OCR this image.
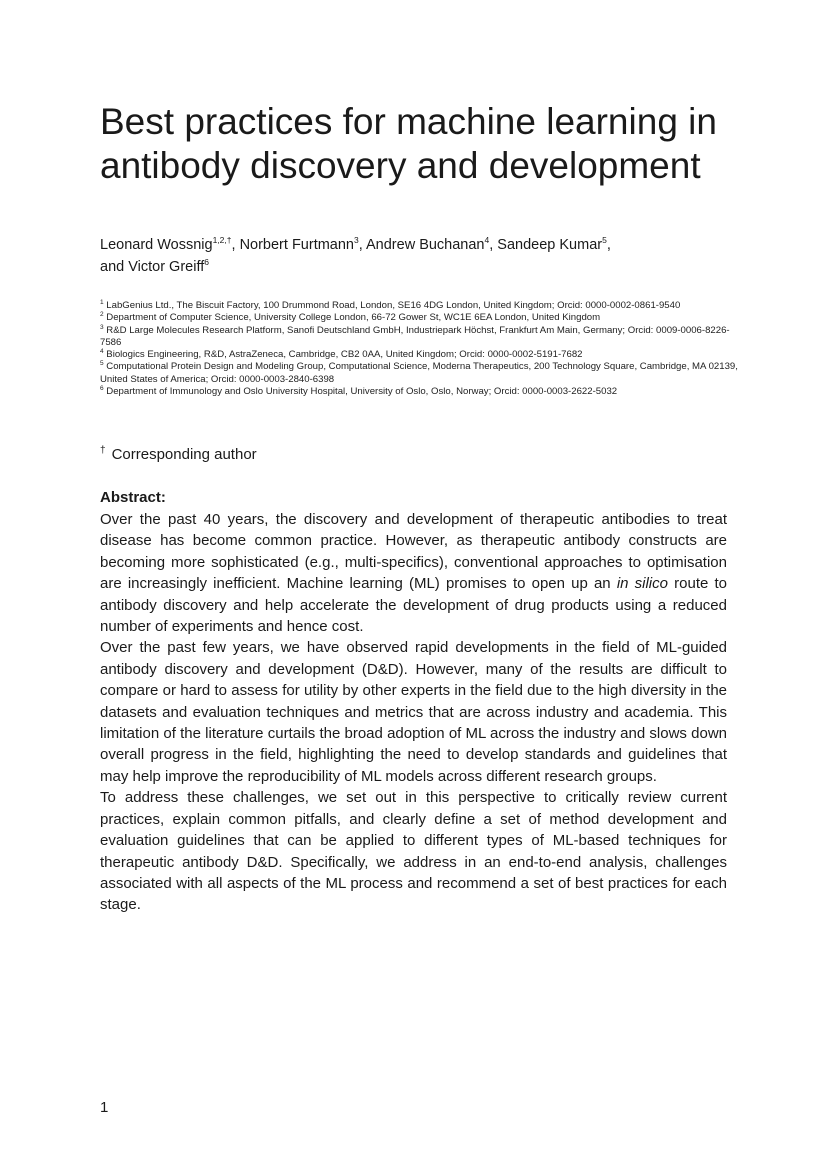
Best practices for machine learning in antibody discovery and development
Leonard Wossnig$^{1,2,\dagger}$, Norbert Furtmann$^3$, Andrew Buchanan$^4$, Sandeep Kumar$^5$,
and Victor Greiff$^6$
$^1$ LabGenius Ltd., The Biscuit Factory, 100 Drummond Road, London, SE16 4DG London, United Kingdom; Orcid: 0000-0002-0861-9540
$^2$ Department of Computer Science, University College London, 66-72 Gower St, WC1E 6EA London, United Kingdom
$^3$ R&D Large Molecules Research Platform, Sanofi Deutschland GmbH, Industriepark Höchst, Frankfurt Am Main, Germany; Orcid: 0009-0006-8226-7586
$^4$ Biologics Engineering, R&D, AstraZeneca, Cambridge, CB2 0AA, United Kingdom; Orcid: 0000-0002-5191-7682
$^5$ Computational Protein Design and Modeling Group, Computational Science, Moderna Therapeutics, 200 Technology Square, Cambridge, MA 02139, United States of America; Orcid: 0000-0003-2840-6398
$^6$ Department of Immunology and Oslo University Hospital, University of Oslo, Oslo, Norway; Orcid: 0000-0003-2622-5032
† Corresponding author
Abstract:

Over the past 40 years, the discovery and development of therapeutic antibodies to treat disease has become common practice. However, as therapeutic antibody constructs are becoming more sophisticated (e.g., multi-specifics), conventional approaches to optimisation are increasingly inefficient. Machine learning (ML) promises to open up an in silico route to antibody discovery and help accelerate the development of drug products using a reduced number of experiments and hence cost.

Over the past few years, we have observed rapid developments in the field of ML-guided antibody discovery and development (D&D). However, many of the results are difficult to compare or hard to assess for utility by other experts in the field due to the high diversity in the datasets and evaluation techniques and metrics that are across industry and academia. This limitation of the literature curtails the broad adoption of ML across the industry and slows down overall progress in the field, highlighting the need to develop standards and guidelines that may help improve the reproducibility of ML models across different research groups.

To address these challenges, we set out in this perspective to critically review current practices, explain common pitfalls, and clearly define a set of method development and evaluation guidelines that can be applied to different types of ML-based techniques for therapeutic antibody D&D. Specifically, we address in an end-to-end analysis, challenges associated with all aspects of the ML process and recommend a set of best practices for each stage.

1
